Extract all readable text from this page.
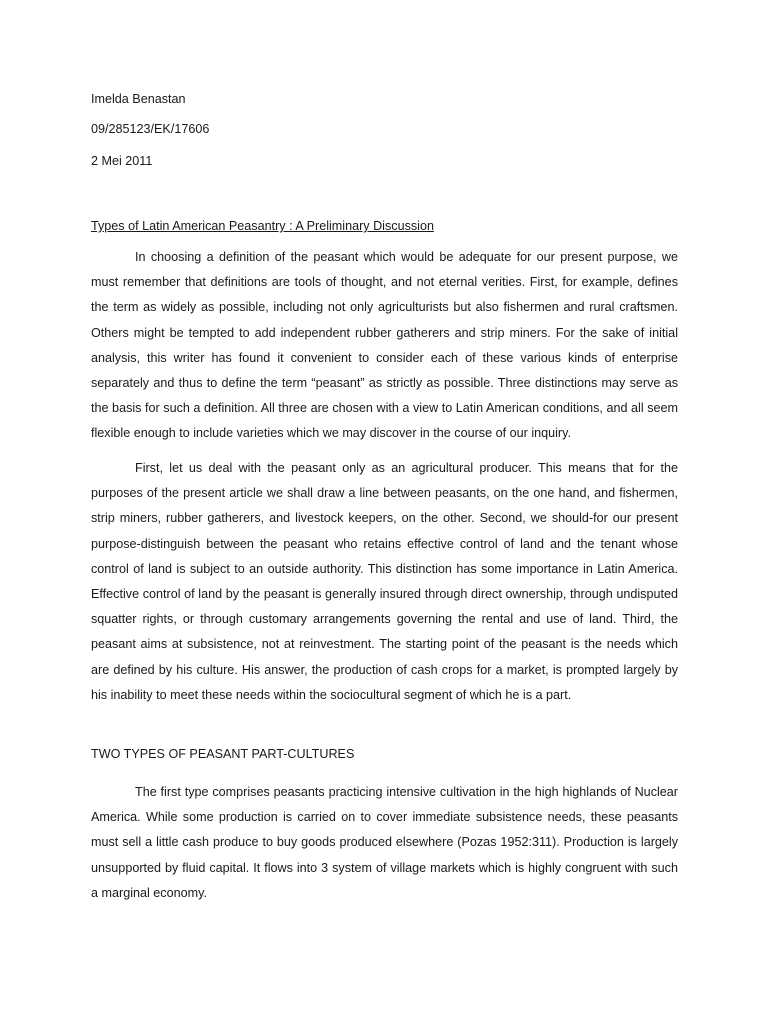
Imelda Benastan
09/285123/EK/17606
2 Mei 2011
Types of Latin American Peasantry : A Preliminary Discussion

In choosing a definition of the peasant which would be adequate for our present purpose, we must remember that definitions are tools of thought, and not eternal verities. First, for example, defines the term as widely as possible, including not only agriculturists but also fishermen and rural craftsmen. Others might be tempted to add independent rubber gatherers and strip miners. For the sake of initial analysis, this writer has found it convenient to consider each of these various kinds of enterprise separately and thus to define the term “peasant” as strictly as possible. Three distinctions may serve as the basis for such a definition. All three are chosen with a view to Latin American conditions, and all seem flexible enough to include varieties which we may discover in the course of our inquiry.

First, let us deal with the peasant only as an agricultural producer. This means that for the purposes of the present article we shall draw a line between peasants, on the one hand, and fishermen, strip miners, rubber gatherers, and livestock keepers, on the other. Second, we should-for our present purpose-distinguish between the peasant who retains effective control of land and the tenant whose control of land is subject to an outside authority. This distinction has some importance in Latin America. Effective control of land by the peasant is generally insured through direct ownership, through undisputed squatter rights, or through customary arrangements governing the rental and use of land. Third, the peasant aims at subsistence, not at reinvestment. The starting point of the peasant is the needs which are defined by his culture. His answer, the production of cash crops for a market, is prompted largely by his inability to meet these needs within the sociocultural segment of which he is a part.

TWO TYPES OF PEASANT PART-CULTURES

The first type comprises peasants practicing intensive cultivation in the high highlands of Nuclear America. While some production is carried on to cover immediate subsistence needs, these peasants must sell a little cash produce to buy goods produced elsewhere (Pozas 1952:311). Production is largely unsupported by fluid capital. It flows into 3 system of village markets which is highly congruent with such a marginal economy.
